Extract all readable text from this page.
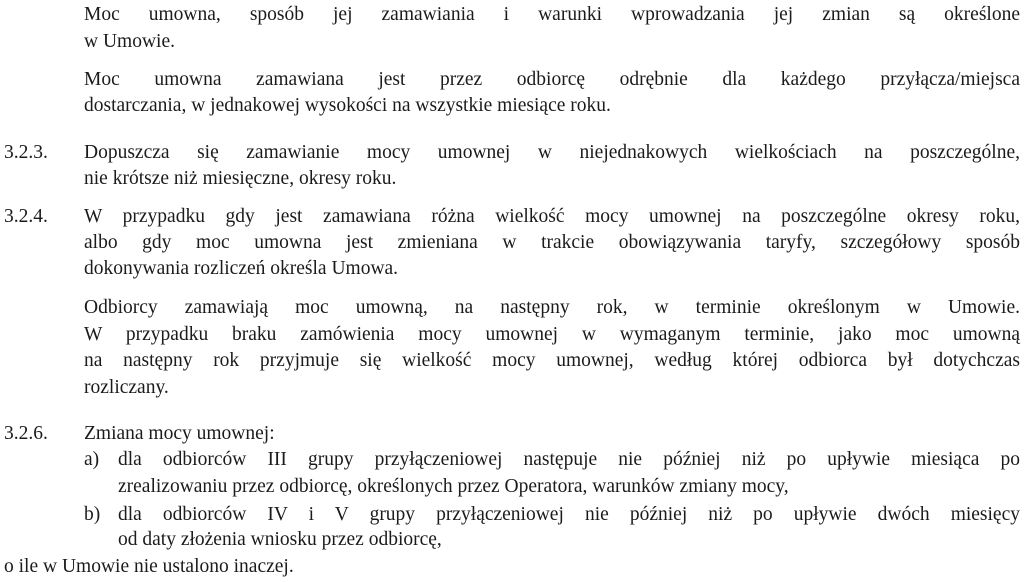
Moc umowna, sposób jej zamawiania i warunki wprowadzania jej zmian są określone
w Umowie.
Moc umowna zamawiana jest przez odbiorcę odrębnie dla każdego przyłącza/miejsca
dostarczania, w jednakowej wysokości na wszystkie miesiące roku.
3.2.3. Dopuszcza się zamawianie mocy umownej w niejednakowych wielkościach na poszczególne,
nie krótsze niż miesięczne, okresy roku.
3.2.4. W przypadku gdy jest zamawiana różna wielkość mocy umownej na poszczególne okresy roku,
albo gdy moc umowna jest zmieniana w trakcie obowiązywania taryfy, szczegółowy sposób
dokonywania rozliczeń określa Umowa.
Odbiorcy zamawiają moc umowną, na następny rok, w terminie określonym w Umowie.
W przypadku braku zamówienia mocy umownej w wymaganym terminie, jako moc umowną
na następny rok przyjmuje się wielkość mocy umownej, według której odbiorca był dotychczas
rozliczany.
3.2.6. Zmiana mocy umownej:
a) dla odbiorców III grupy przyłączeniowej następuje nie później niż po upływie miesiąca po
zrealizowaniu przez odbiorcę, określonych przez Operatora, warunków zmiany mocy,
b) dla odbiorców IV i V grupy przyłączeniowej nie później niż po upływie dwóch miesięcy
od daty złożenia wniosku przez odbiorcę,
o ile w Umowie nie ustalono inaczej.
